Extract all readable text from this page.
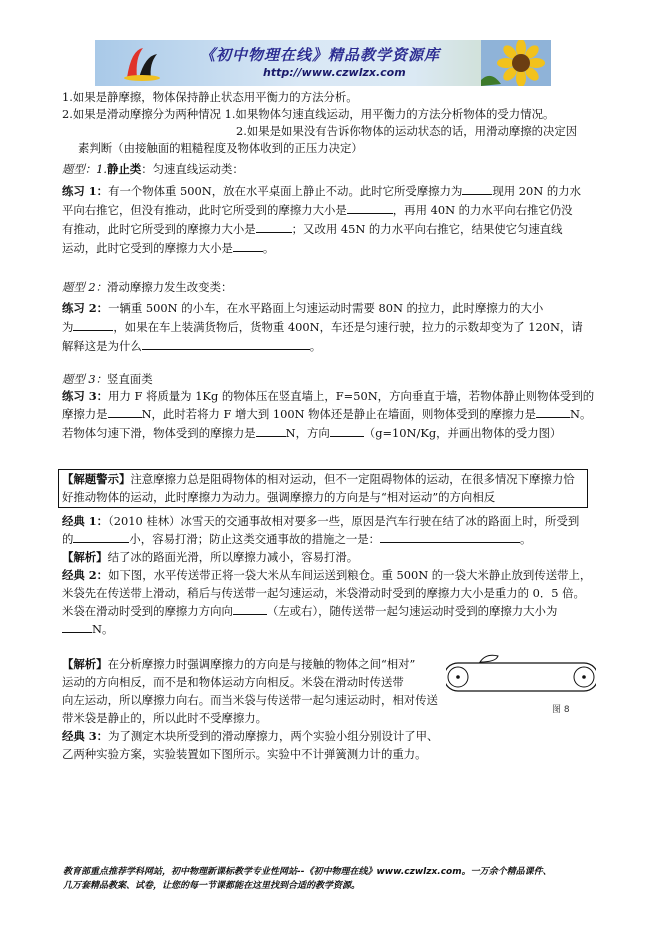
《初中物理在线》精品教学资源库
http://www.czwlzx.com
1.如果是静摩擦，物体保持静止状态用平衡力的方法分析。
2.如果是滑动摩擦分为两种情况 1.如果物体匀速直线运动，用平衡力的方法分析物体的受力情况。
2.如果是如果没有告诉你物体的运动状态的话，用滑动摩擦的决定因
素判断（由接触面的粗糙程度及物体收到的正压力决定）
题型：1.静止类：匀速直线运动类：
练习 1：有一个物体重 500N，放在水平桌面上静止不动。此时它所受摩擦力为	现用 20N 的力水
平向右推它，但没有推动，此时它所受到的摩擦力大小是	，再用 40N 的力水平向右推它仍没
有推动，此时它所受到的摩擦力大小是	；又改用 45N 的力水平向右推它，结果使它匀速直线
运动，此时它受到的摩擦力大小是	。
题型 2：滑动摩擦力发生改变类：
练习 2：一辆重 500N 的小车，在水平路面上匀速运动时需要 80N 的拉力，此时摩擦力的大小
为	，如果在车上装满货物后，货物重 400N，车还是匀速行驶，拉力的示数却变为了 120N，请
解释这是为什么	。
题型 3：竖直面类
练习 3：用力 F 将质量为 1Kg 的物体压在竖直墙上，F=50N，方向垂直于墙，若物体静止则物体受到的
摩擦力是	N，此时若将力 F 增大到 100N 物体还是静止在墙面，则物体受到的摩擦力是	N。
若物体匀速下滑，物体受到的摩擦力是	N，方向	（g=10N/Kg，并画出物体的受力图）
【解题警示】注意摩擦力总是阻碍物体的相对运动，但不一定阻碍物体的运动，在很多情况下摩擦力恰
好推动物体的运动，此时摩擦力为动力。强调摩擦力的方向是与“相对运动”的方向相反
经典 1：（2010 桂林）冰雪天的交通事故相对要多一些，原因是汽车行驶在结了冰的路面上时，所受到
的	小，容易打滑；防止这类交通事故的措施之一是：	。
【解析】结了冰的路面光滑，所以摩擦力减小，容易打滑。
经典 2：如下图，水平传送带正将一袋大米从车间运送到粮仓。重 500N 的一袋大米静止放到传送带上，
米袋先在传送带上滑动，稍后与传送带一起匀速运动，米袋滑动时受到的摩擦力大小是重力的 0．5 倍。
米袋在滑动时受到的摩擦力方向向	（左或右），随传送带一起匀速运动时受到的摩擦力大小为
N。
【解析】在分析摩擦力时强调摩擦力的方向是与接触的物体之间“相对”
运动的方向相反，而不是和物体运动方向相反。米袋在滑动时传送带
向左运动，所以摩擦力向右。而当米袋与传送带一起匀速运动时，相对传送
带米袋是静止的，所以此时不受摩擦力。
图 8
经典 3：为了测定木块所受到的滑动摩擦力，两个实验小组分别设计了甲、
乙两种实验方案，实验装置如下图所示。实验中不计弹簧测力计的重力。
教育部重点推荐学科网站，初中物理新课标教学专业性网站--《初中物理在线》www.czwlzx.com。一万余个精品课件、
几万套精品教案、试卷，让您的每一节课都能在这里找到合适的教学资源。
